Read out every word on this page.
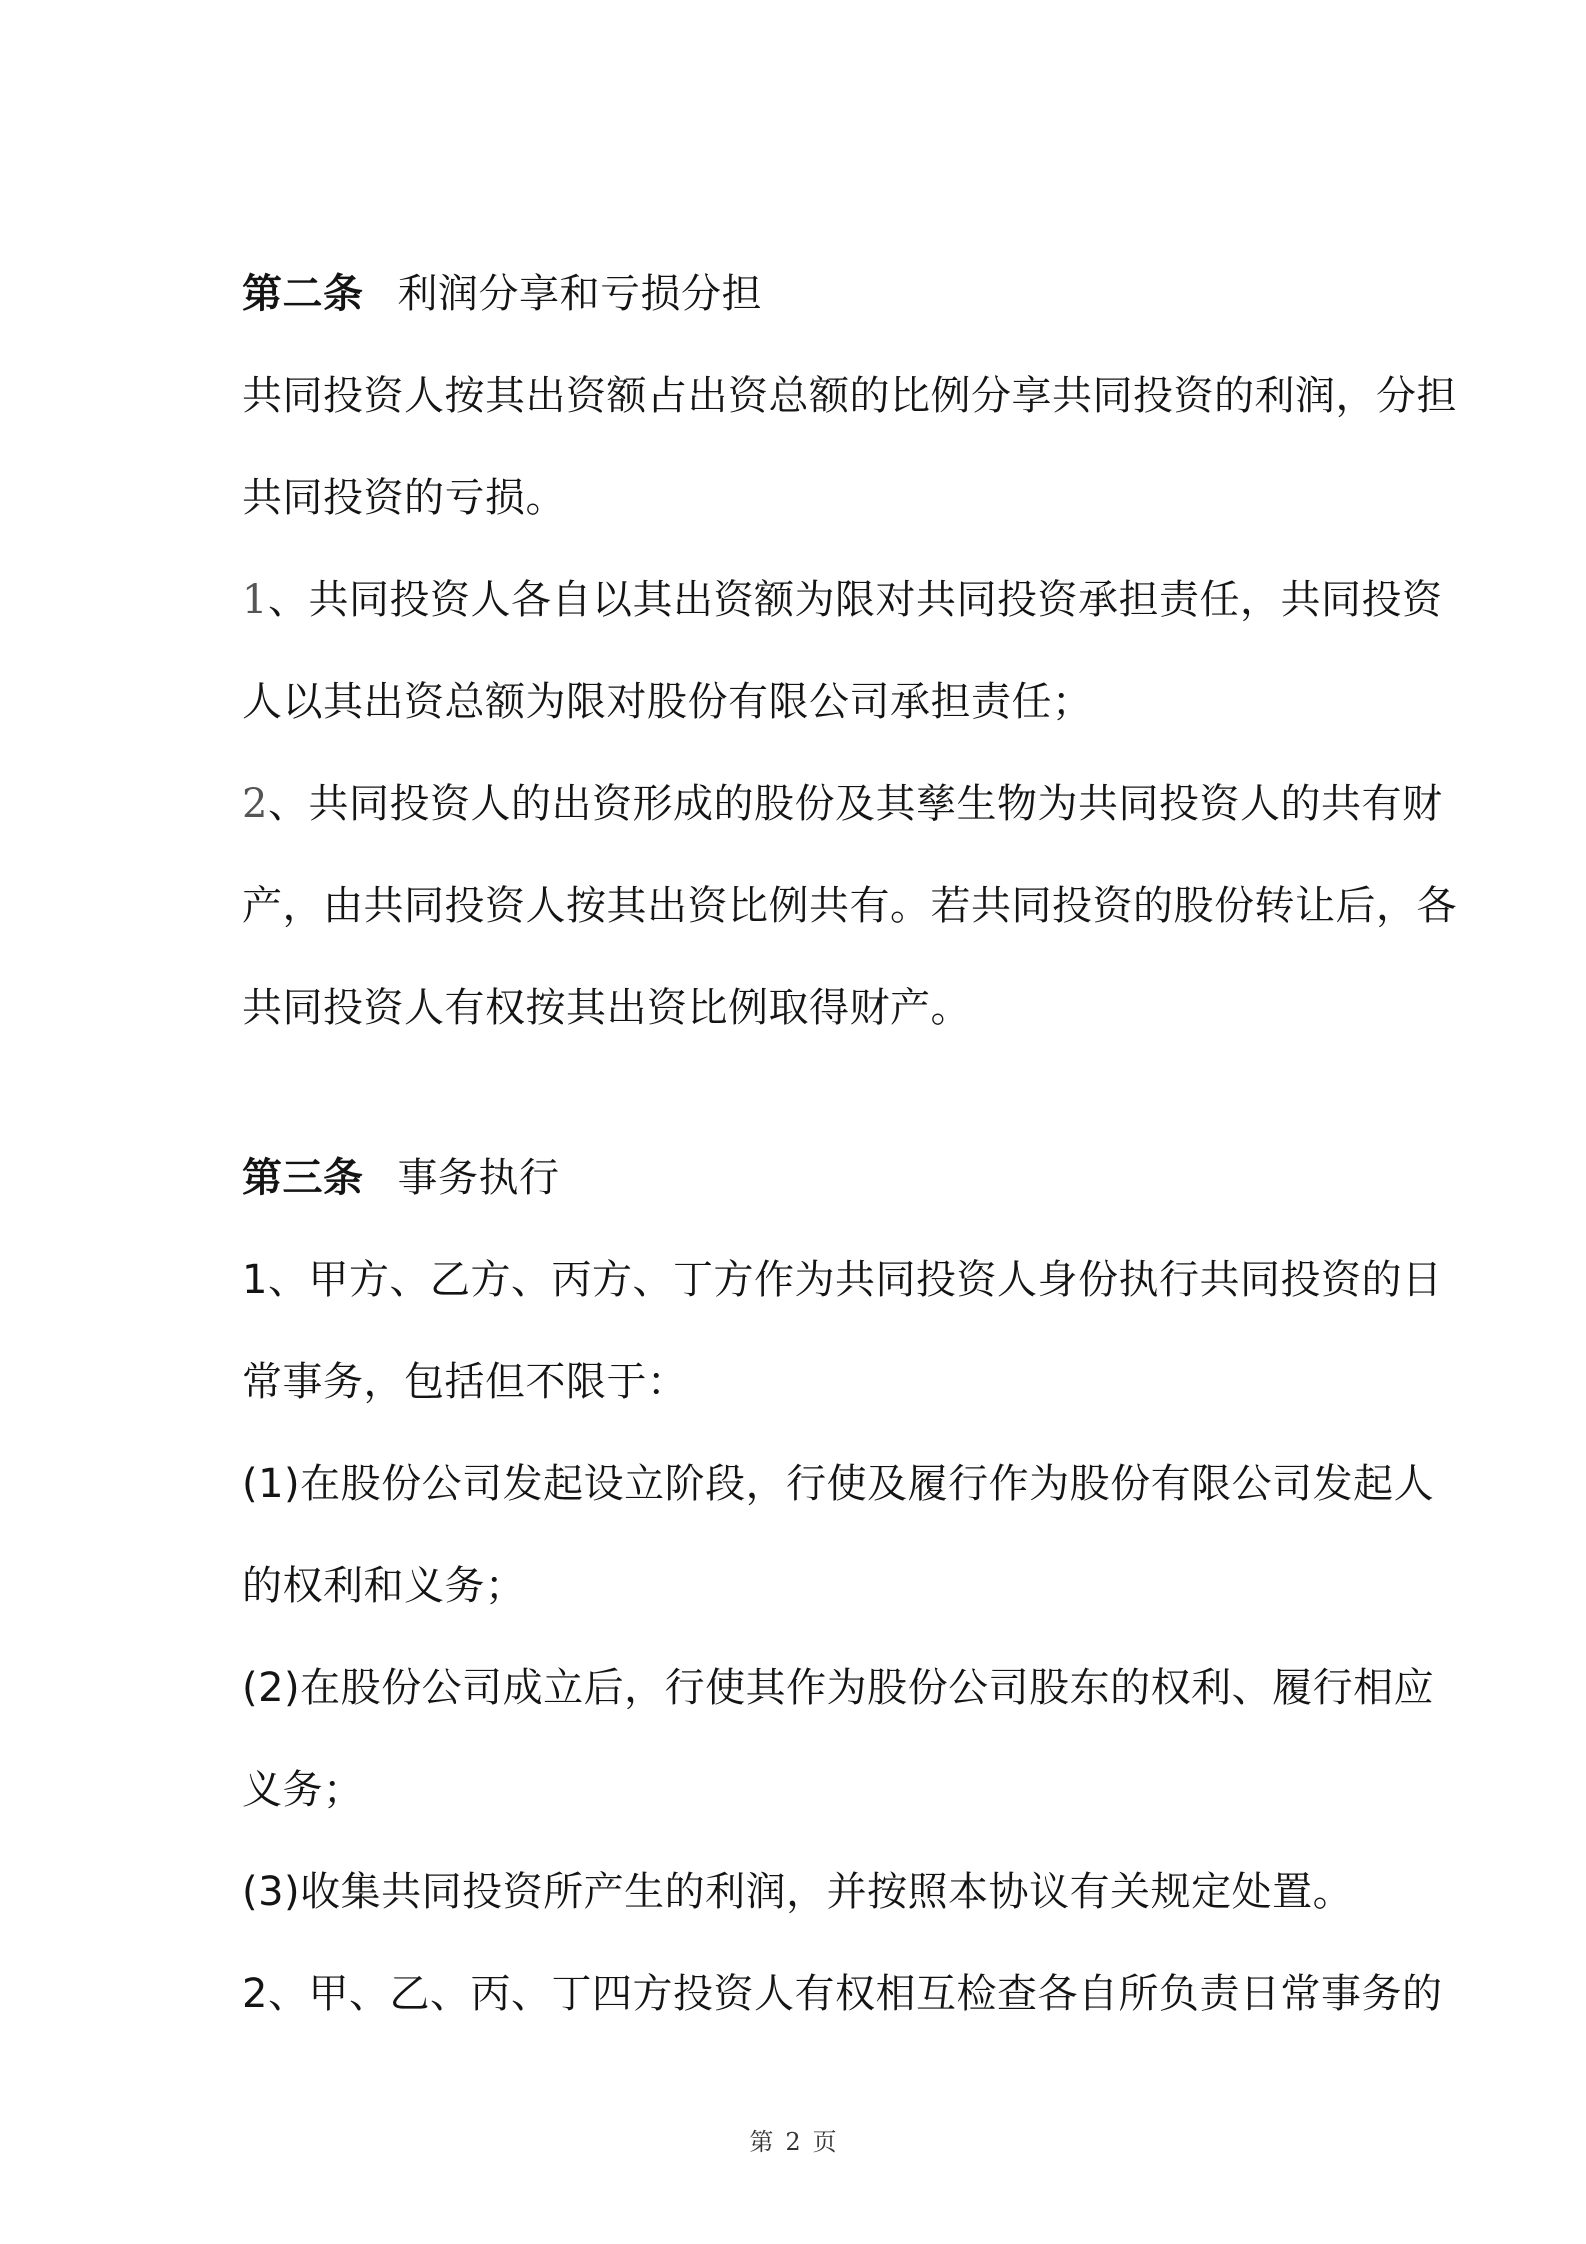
第二条 利润分享和亏损分担
共同投资人按其出资额占出资总额的比例分享共同投资的利润，分担
共同投资的亏损。
1、共同投资人各自以其出资额为限对共同投资承担责任，共同投资
人以其出资总额为限对股份有限公司承担责任；
2、共同投资人的出资形成的股份及其孳生物为共同投资人的共有财
产，由共同投资人按其出资比例共有。若共同投资的股份转让后，各
共同投资人有权按其出资比例取得财产。
第三条 事务执行
1、甲方、乙方、丙方、丁方作为共同投资人身份执行共同投资的日
常事务，包括但不限于：
(1)在股份公司发起设立阶段，行使及履行作为股份有限公司发起人
的权利和义务；
(2)在股份公司成立后，行使其作为股份公司股东的权利、履行相应
义务；
(3)收集共同投资所产生的利润，并按照本协议有关规定处置。
2、甲、乙、丙、丁四方投资人有权相互检查各自所负责日常事务的
第 2 页
